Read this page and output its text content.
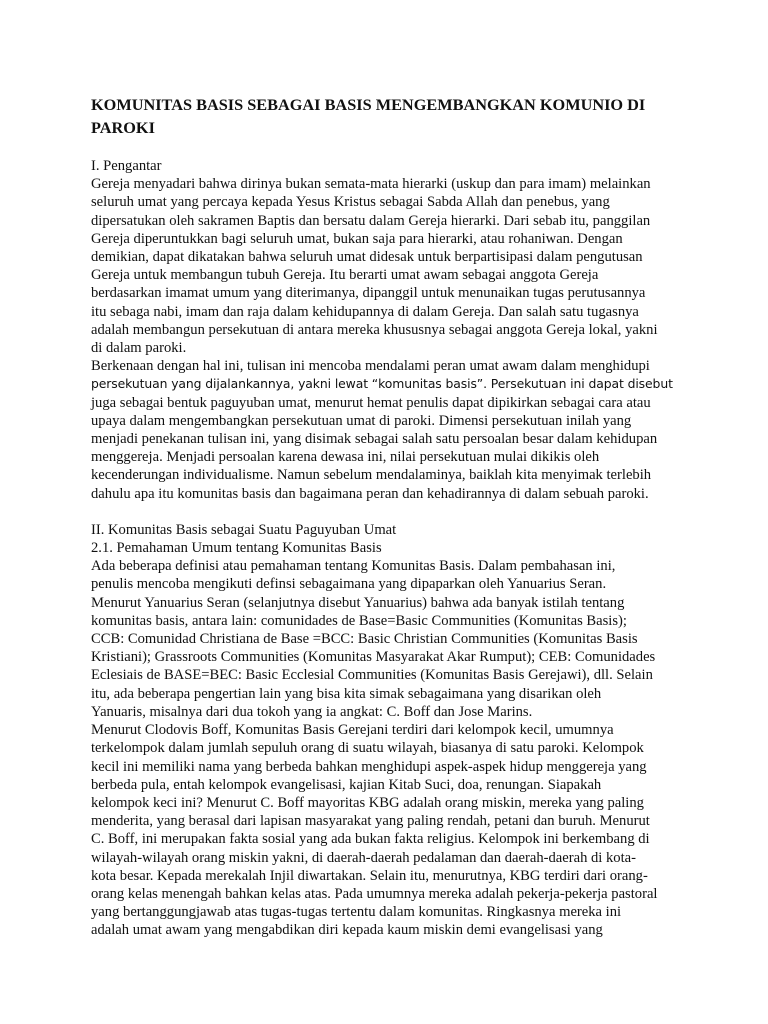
KOMUNITAS BASIS SEBAGAI BASIS MENGEMBANGKAN KOMUNIO DI
PAROKI
I. Pengantar
Gereja menyadari bahwa dirinya bukan semata-mata hierarki (uskup dan para imam) melainkan
seluruh umat yang percaya kepada Yesus Kristus sebagai Sabda Allah dan penebus, yang
dipersatukan oleh sakramen Baptis dan bersatu dalam Gereja hierarki. Dari sebab itu, panggilan
Gereja diperuntukkan bagi seluruh umat, bukan saja para hierarki, atau rohaniwan. Dengan
demikian, dapat dikatakan bahwa seluruh umat didesak untuk berpartisipasi dalam pengutusan
Gereja untuk membangun tubuh Gereja. Itu berarti umat awam sebagai anggota Gereja
berdasarkan imamat umum yang diterimanya, dipanggil untuk menunaikan tugas perutusannya
itu sebaga nabi, imam dan raja dalam kehidupannya di dalam Gereja. Dan salah satu tugasnya
adalah membangun persekutuan di antara mereka khususnya sebagai anggota Gereja lokal, yakni
di dalam paroki.
Berkenaan dengan hal ini, tulisan ini mencoba mendalami peran umat awam dalam menghidupi
persekutuan yang dijalankannya, yakni lewat “komunitas basis”. Persekutuan ini dapat disebut
juga sebagai bentuk paguyuban umat, menurut hemat penulis dapat dipikirkan sebagai cara atau
upaya dalam mengembangkan persekutuan umat di paroki. Dimensi persekutuan inilah yang
menjadi penekanan tulisan ini, yang disimak sebagai salah satu persoalan besar dalam kehidupan
menggereja. Menjadi persoalan karena dewasa ini, nilai persekutuan mulai dikikis oleh
kecenderungan individualisme. Namun sebelum mendalaminya, baiklah kita menyimak terlebih
dahulu apa itu komunitas basis dan bagaimana peran dan kehadirannya di dalam sebuah paroki.
II. Komunitas Basis sebagai Suatu Paguyuban Umat
2.1. Pemahaman Umum tentang Komunitas Basis
Ada beberapa definisi atau pemahaman tentang Komunitas Basis. Dalam pembahasan ini,
penulis mencoba mengikuti definsi sebagaimana yang dipaparkan oleh Yanuarius Seran.
Menurut Yanuarius Seran (selanjutnya disebut Yanuarius) bahwa ada banyak istilah tentang
komunitas basis, antara lain: comunidades de Base=Basic Communities (Komunitas Basis);
CCB: Comunidad Christiana de Base =BCC: Basic Christian Communities (Komunitas Basis
Kristiani); Grassroots Communities (Komunitas Masyarakat Akar Rumput); CEB: Comunidades
Eclesiais de BASE=BEC: Basic Ecclesial Communities (Komunitas Basis Gerejawi), dll. Selain
itu, ada beberapa pengertian lain yang bisa kita simak sebagaimana yang disarikan oleh
Yanuaris, misalnya dari dua tokoh yang ia angkat: C. Boff dan Jose Marins.
Menurut Clodovis Boff, Komunitas Basis Gerejani terdiri dari kelompok kecil, umumnya
terkelompok dalam jumlah sepuluh orang di suatu wilayah, biasanya di satu paroki. Kelompok
kecil ini memiliki nama yang berbeda bahkan menghidupi aspek-aspek hidup menggereja yang
berbeda pula, entah kelompok evangelisasi, kajian Kitab Suci, doa, renungan. Siapakah
kelompok keci ini? Menurut C. Boff mayoritas KBG adalah orang miskin, mereka yang paling
menderita, yang berasal dari lapisan masyarakat yang paling rendah, petani dan buruh. Menurut
C. Boff, ini merupakan fakta sosial yang ada bukan fakta religius. Kelompok ini berkembang di
wilayah-wilayah orang miskin yakni, di daerah-daerah pedalaman dan daerah-daerah di kota-
kota besar. Kepada merekalah Injil diwartakan. Selain itu, menurutnya, KBG terdiri dari orang-
orang kelas menengah bahkan kelas atas. Pada umumnya mereka adalah pekerja-pekerja pastoral
yang bertanggungjawab atas tugas-tugas tertentu dalam komunitas. Ringkasnya mereka ini
adalah umat awam yang mengabdikan diri kepada kaum miskin demi evangelisasi yang
